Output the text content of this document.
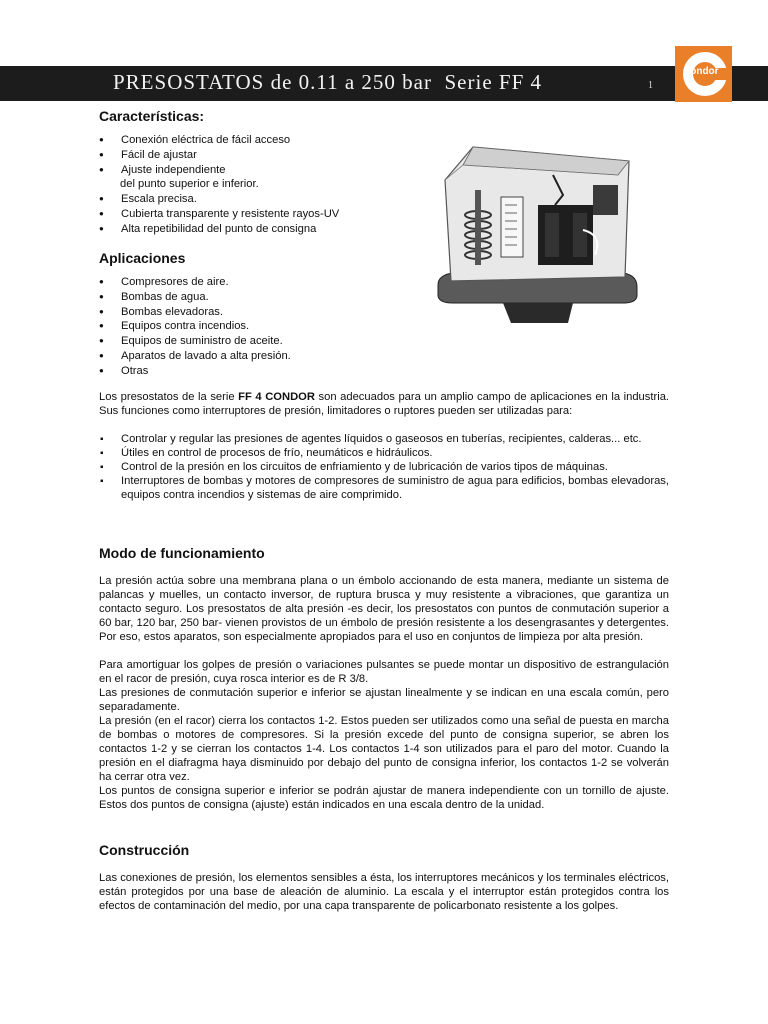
PRESOSTATOS de 0.11 a 250 bar  Serie FF 4	1
Condor
Características:
● Conexión eléctrica de fácil acceso
● Fácil de ajustar
● Ajuste independiente
del punto superior e inferior.
● Escala precisa.
● Cubierta transparente y resistente rayos-UV
● Alta repetibilidad del punto de consigna
Aplicaciones
● Compresores de aire.
● Bombas de agua.
● Bombas elevadoras.
● Equipos contra incendios.
● Equipos de suministro de aceite.
● Aparatos de lavado a alta presión.
● Otras

Los presostatos de la serie FF 4 CONDOR son adecuados para un amplio campo de aplicaciones en la industria. Sus funciones como interruptores de presión, limitadores o ruptores pueden ser utilizadas para:

▪ Controlar y regular las presiones de agentes líquidos o gaseosos en tuberías, recipientes, calderas... etc.
▪ Útiles en control de procesos de frío, neumáticos e hidráulicos.
▪ Control de la presión en los circuitos de enfriamiento y de lubricación de varios tipos de máquinas.
▪ Interruptores de bombas y motores de compresores de suministro de agua para edificios, bombas elevadoras, equipos contra incendios y sistemas de aire comprimido.
Modo de funcionamiento

La presión actúa sobre una membrana plana o un émbolo accionando de esta manera, mediante un sistema de palancas y muelles, un contacto inversor, de ruptura brusca y muy resistente a vibraciones, que garantiza un contacto seguro. Los presostatos de alta presión -es decir, los presostatos con puntos de conmutación superior a 60 bar, 120 bar, 250 bar- vienen provistos de un émbolo de presión resistente a los desengrasantes y detergentes. Por eso, estos aparatos, son especialmente apropiados para el uso en conjuntos de limpieza por alta presión.

Para amortiguar los golpes de presión o variaciones pulsantes se puede montar un dispositivo de estrangulación en el racor de presión, cuya rosca interior es de R 3/8.

Las presiones de conmutación superior e inferior se ajustan linealmente y se indican en una escala común, pero separadamente.

La presión (en el racor) cierra los contactos 1-2. Estos pueden ser utilizados como una señal de puesta en marcha de bombas o motores de compresores. Si la presión excede del punto de consigna superior, se abren los contactos 1-2 y se cierran los contactos 1-4. Los contactos 1-4 son utilizados para el paro del motor. Cuando la presión en el diafragma haya disminuido por debajo del punto de consigna inferior, los contactos 1-2 se volverán ha cerrar otra vez.

Los puntos de consigna superior e inferior se podrán ajustar de manera independiente con un tornillo de ajuste. Estos dos puntos de consigna (ajuste) están indicados en una escala dentro de la unidad.

Construcción

Las conexiones de presión, los elementos sensibles a ésta, los interruptores mecánicos y los terminales eléctricos, están protegidos por una base de aleación de aluminio. La escala y el interruptor están protegidos contra los efectos de contaminación del medio, por una capa transparente de policarbonato resistente a los golpes.
